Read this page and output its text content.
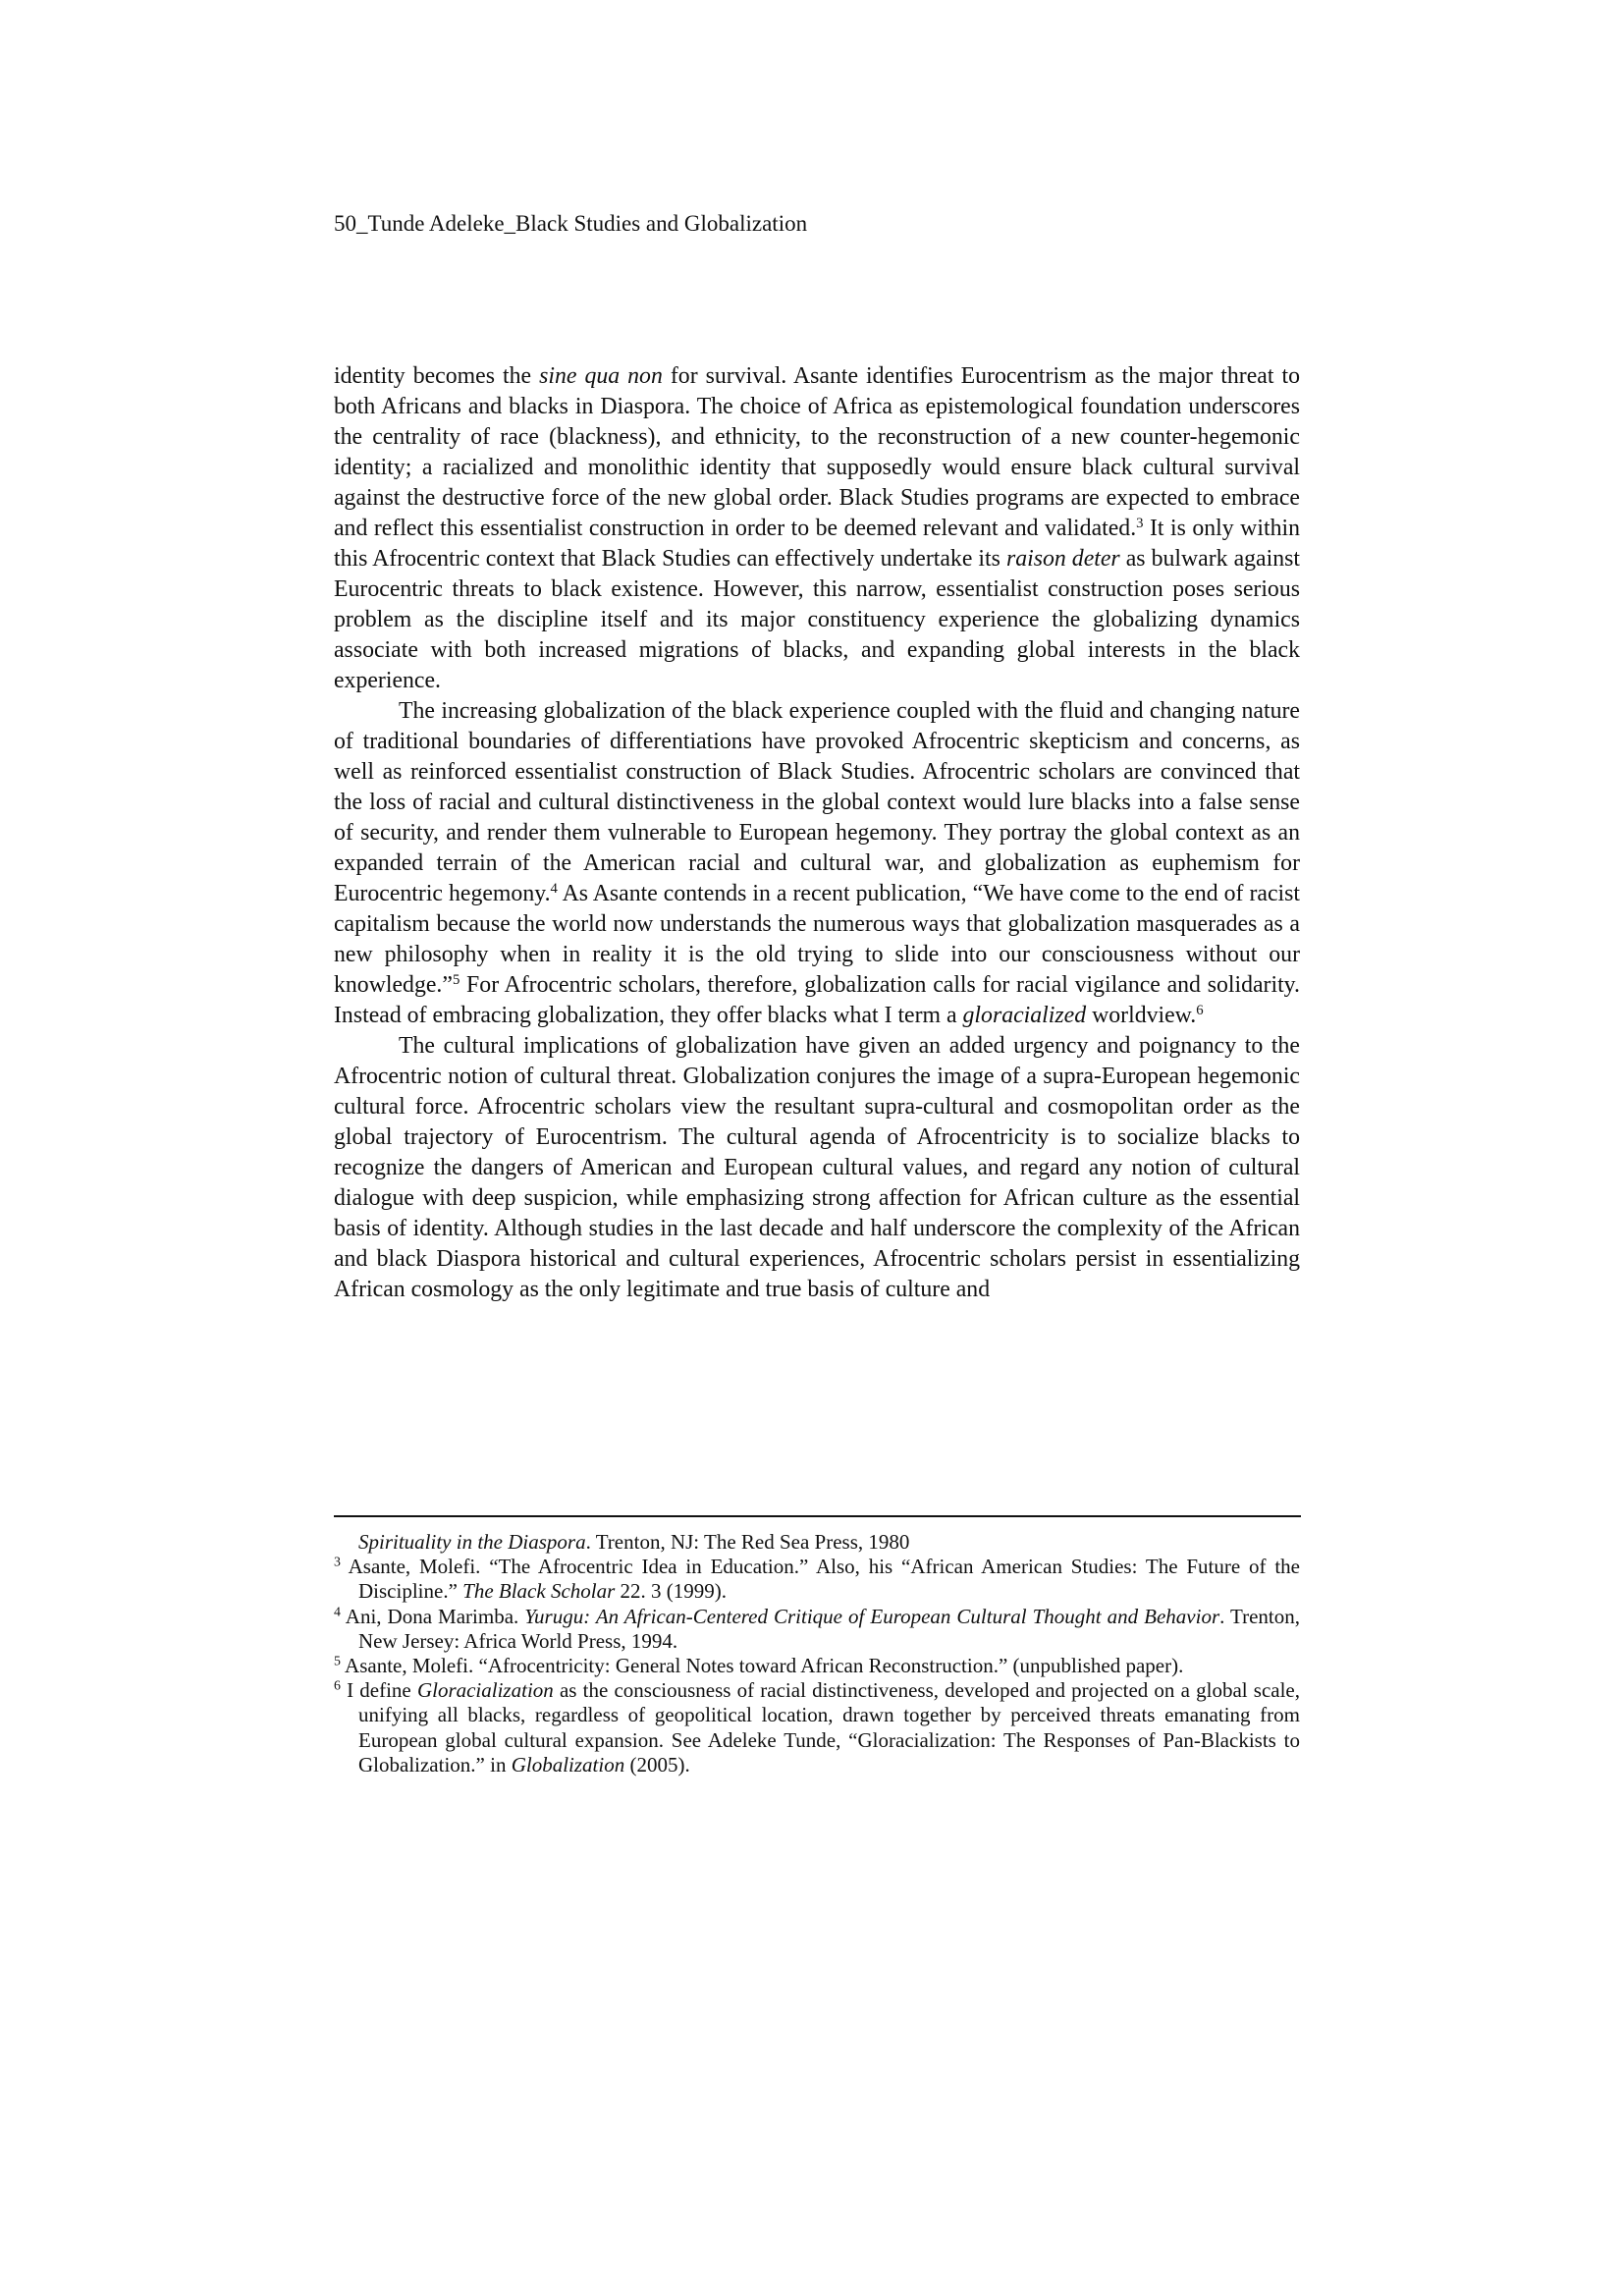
50_Tunde Adeleke_Black Studies and Globalization

identity becomes the sine qua non for survival. Asante identifies Eurocentrism as the major threat to both Africans and blacks in Diaspora. The choice of Africa as epistemological foundation underscores the centrality of race (blackness), and ethnicity, to the reconstruction of a new counter-hegemonic identity; a racialized and monolithic identity that supposedly would ensure black cultural survival against the destructive force of the new global order. Black Studies programs are expected to embrace and reflect this essentialist construction in order to be deemed relevant and validated.$^3$ It is only within this Afrocentric context that Black Studies can effectively undertake its raison deter as bulwark against Eurocentric threats to black existence. However, this narrow, essentialist construction poses serious problem as the discipline itself and its major constituency experience the globalizing dynamics associate with both increased migrations of blacks, and expanding global interests in the black experience.

The increasing globalization of the black experience coupled with the fluid and changing nature of traditional boundaries of differentiations have provoked Afrocentric skepticism and concerns, as well as reinforced essentialist construction of Black Studies. Afrocentric scholars are convinced that the loss of racial and cultural distinctiveness in the global context would lure blacks into a false sense of security, and render them vulnerable to European hegemony. They portray the global context as an expanded terrain of the American racial and cultural war, and globalization as euphemism for Eurocentric hegemony.$^4$ As Asante contends in a recent publication, “We have come to the end of racist capitalism because the world now understands the numerous ways that globalization masquerades as a new philosophy when in reality it is the old trying to slide into our consciousness without our knowledge.”$^5$ For Afrocentric scholars, therefore, globalization calls for racial vigilance and solidarity. Instead of embracing globalization, they offer blacks what I term a gloracialized worldview.$^6$

The cultural implications of globalization have given an added urgency and poignancy to the Afrocentric notion of cultural threat. Globalization conjures the image of a supra-European hegemonic cultural force. Afrocentric scholars view the resultant supra-cultural and cosmopolitan order as the global trajectory of Eurocentrism. The cultural agenda of Afrocentricity is to socialize blacks to recognize the dangers of American and European cultural values, and regard any notion of cultural dialogue with deep suspicion, while emphasizing strong affection for African culture as the essential basis of identity. Although studies in the last decade and half underscore the complexity of the African and black Diaspora historical and cultural experiences, Afrocentric scholars persist in essentializing African cosmology as the only legitimate and true basis of culture and

Spirituality in the Diaspora. Trenton, NJ: The Red Sea Press, 1980

$^3$ Asante, Molefi. “The Afrocentric Idea in Education.” Also, his “African American Studies: The Future of the Discipline.” The Black Scholar 22. 3 (1999).

$^4$ Ani, Dona Marimba. Yurugu: An African-Centered Critique of European Cultural Thought and Behavior. Trenton, New Jersey: Africa World Press, 1994.

$^5$ Asante, Molefi. “Afrocentricity: General Notes toward African Reconstruction.” (unpublished paper).

$^6$ I define Gloracialization as the consciousness of racial distinctiveness, developed and projected on a global scale, unifying all blacks, regardless of geopolitical location, drawn together by perceived threats emanating from European global cultural expansion. See Adeleke Tunde, “Gloracialization: The Responses of Pan-Blackists to Globalization.” in Globalization (2005).
